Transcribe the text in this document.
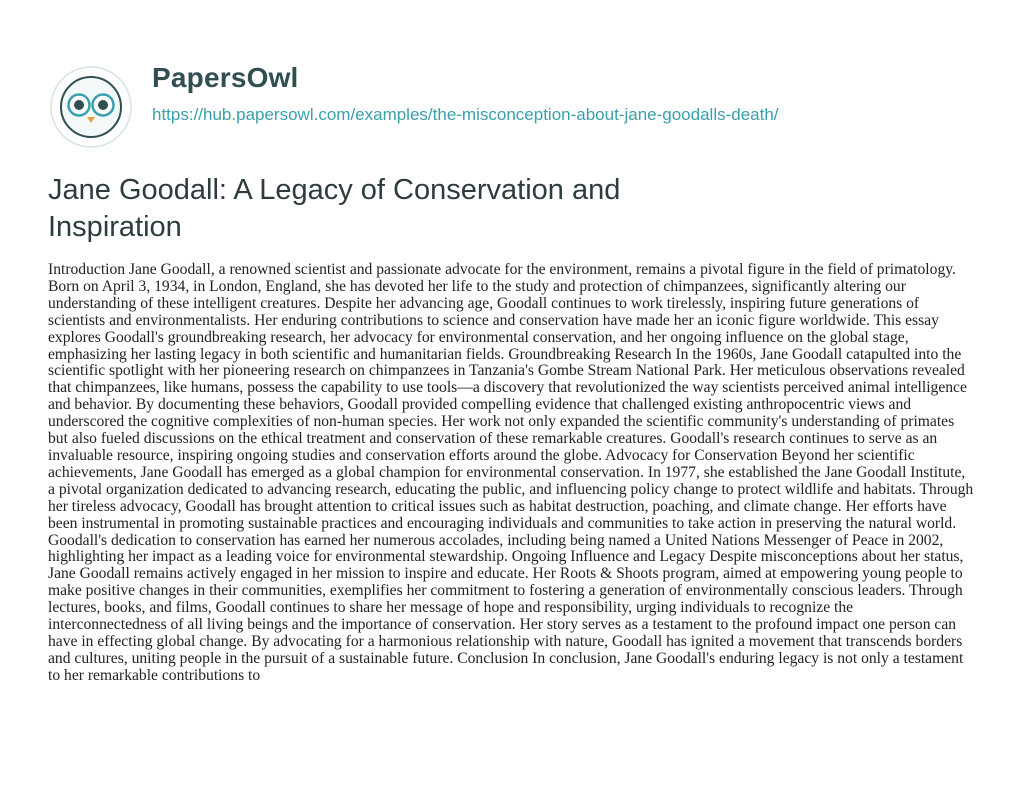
PapersOwl
https://hub.papersowl.com/examples/the-misconception-about-jane-goodalls-death/
Jane Goodall: A Legacy of Conservation and Inspiration

Introduction Jane Goodall, a renowned scientist and passionate advocate for the environment, remains a pivotal figure in the field of primatology. Born on April 3, 1934, in London, England, she has devoted her life to the study and protection of chimpanzees, significantly altering our understanding of these intelligent creatures. Despite her advancing age, Goodall continues to work tirelessly, inspiring future generations of scientists and environmentalists. Her enduring contributions to science and conservation have made her an iconic figure worldwide. This essay explores Goodall's groundbreaking research, her advocacy for environmental conservation, and her ongoing influence on the global stage, emphasizing her lasting legacy in both scientific and humanitarian fields. Groundbreaking Research In the 1960s, Jane Goodall catapulted into the scientific spotlight with her pioneering research on chimpanzees in Tanzania's Gombe Stream National Park. Her meticulous observations revealed that chimpanzees, like humans, possess the capability to use tools—a discovery that revolutionized the way scientists perceived animal intelligence and behavior. By documenting these behaviors, Goodall provided compelling evidence that challenged existing anthropocentric views and underscored the cognitive complexities of non-human species. Her work not only expanded the scientific community's understanding of primates but also fueled discussions on the ethical treatment and conservation of these remarkable creatures. Goodall's research continues to serve as an invaluable resource, inspiring ongoing studies and conservation efforts around the globe. Advocacy for Conservation Beyond her scientific achievements, Jane Goodall has emerged as a global champion for environmental conservation. In 1977, she established the Jane Goodall Institute, a pivotal organization dedicated to advancing research, educating the public, and influencing policy change to protect wildlife and habitats. Through her tireless advocacy, Goodall has brought attention to critical issues such as habitat destruction, poaching, and climate change. Her efforts have been instrumental in promoting sustainable practices and encouraging individuals and communities to take action in preserving the natural world. Goodall's dedication to conservation has earned her numerous accolades, including being named a United Nations Messenger of Peace in 2002, highlighting her impact as a leading voice for environmental stewardship. Ongoing Influence and Legacy Despite misconceptions about her status, Jane Goodall remains actively engaged in her mission to inspire and educate. Her Roots & Shoots program, aimed at empowering young people to make positive changes in their communities, exemplifies her commitment to fostering a generation of environmentally conscious leaders. Through lectures, books, and films, Goodall continues to share her message of hope and responsibility, urging individuals to recognize the interconnectedness of all living beings and the importance of conservation. Her story serves as a testament to the profound impact one person can have in effecting global change. By advocating for a harmonious relationship with nature, Goodall has ignited a movement that transcends borders and cultures, uniting people in the pursuit of a sustainable future. Conclusion In conclusion, Jane Goodall's enduring legacy is not only a testament to her remarkable contributions to
